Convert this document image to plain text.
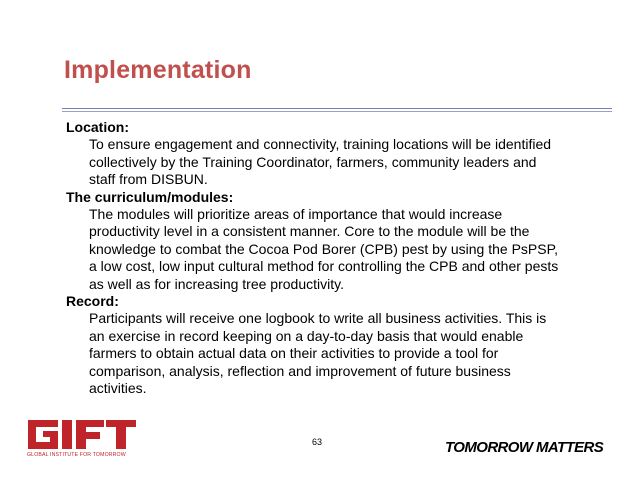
Implementation
Location:
To ensure engagement and connectivity, training locations will be identified
collectively by the Training Coordinator, farmers, community leaders and
staff from DISBUN.
The curriculum/modules:
The modules will prioritize areas of importance that would increase
productivity level in a consistent manner. Core to the module will be the
knowledge to combat the Cocoa Pod Borer (CPB) pest by using the PsPSP,
a low cost, low input cultural method for controlling the CPB and other pests
as well as for increasing tree productivity.
Record:
Participants will receive one logbook to write all business activities. This is
an exercise in record keeping on a day-to-day basis that would enable
farmers to obtain actual data on their activities to provide a tool for
comparison, analysis, reflection and improvement of future business
activities.
63
GLOBAL INSTITUTE FOR TOMORROW	TOMORROW MATTERS
